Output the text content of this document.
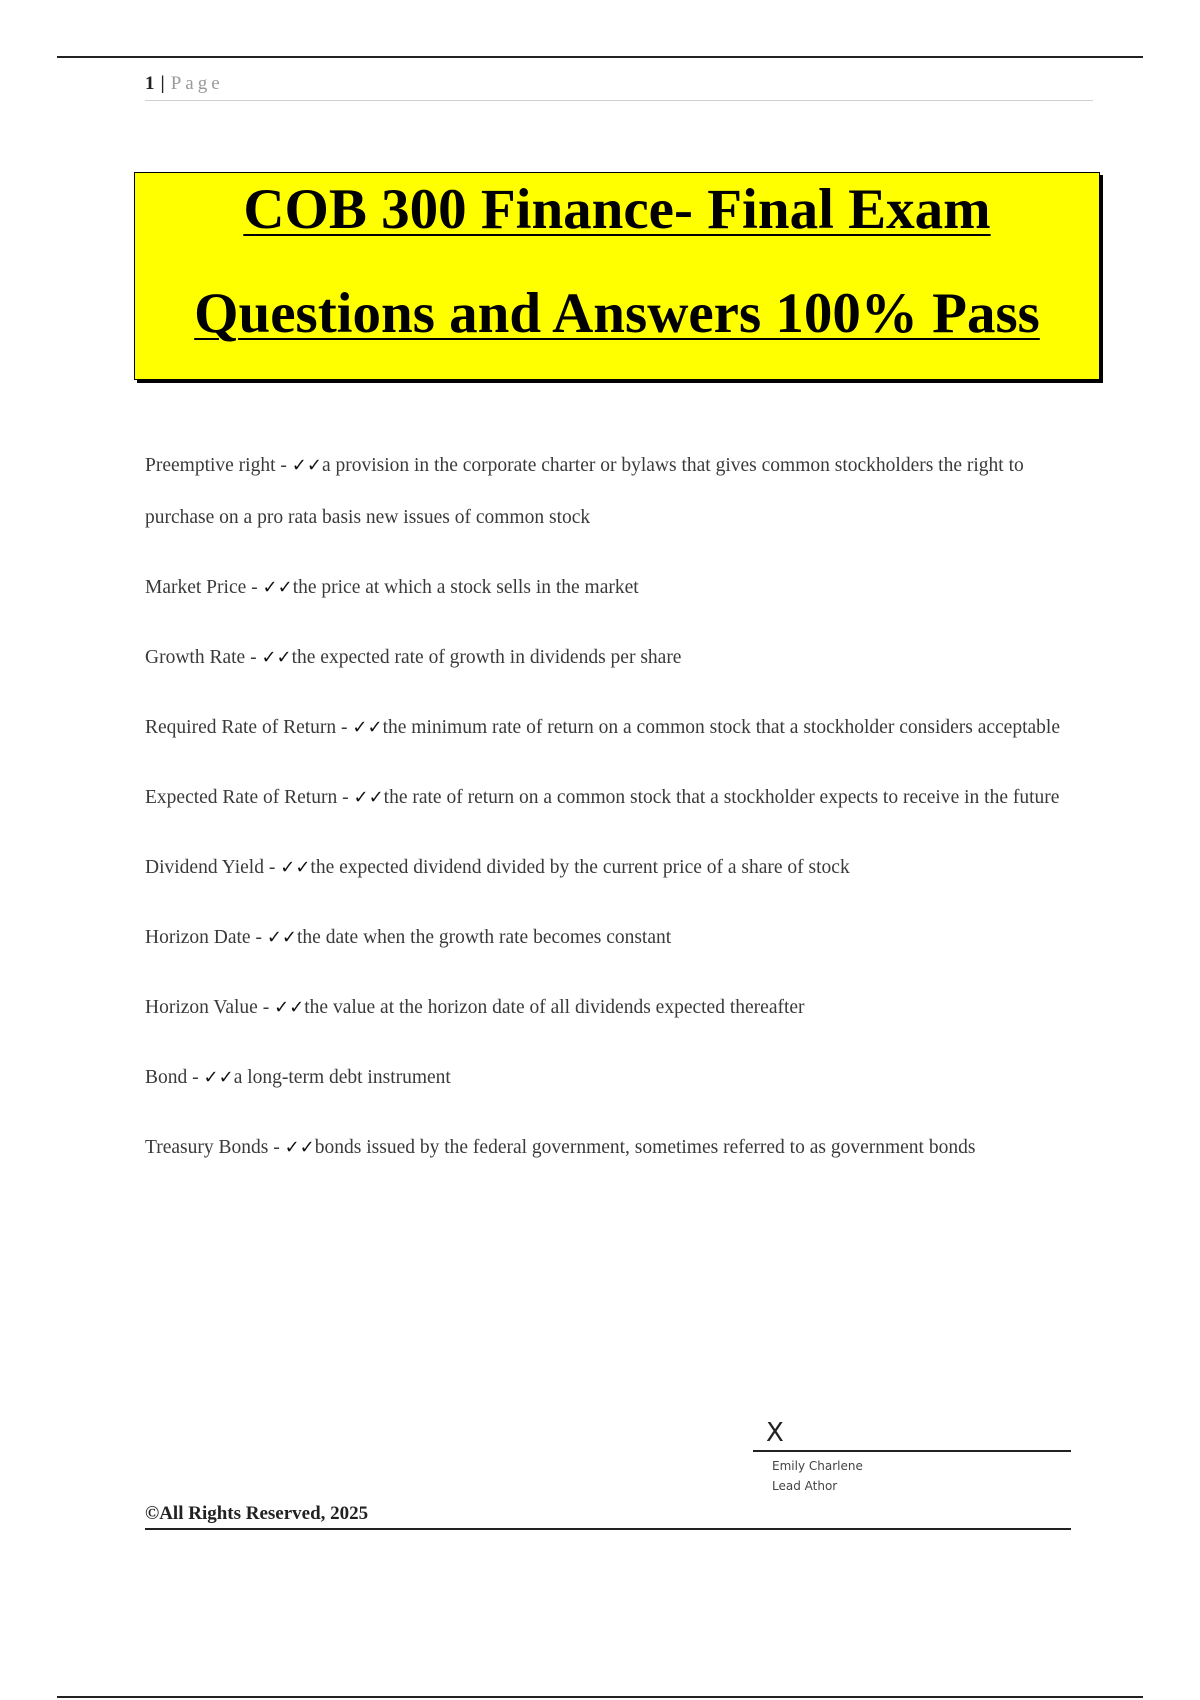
1 | Page
COB 300 Finance- Final Exam
Questions and Answers 100% Pass
Preemptive right - ✓✓a provision in the corporate charter or bylaws that gives common stockholders the right to purchase on a pro rata basis new issues of common stock
Market Price - ✓✓the price at which a stock sells in the market
Growth Rate - ✓✓the expected rate of growth in dividends per share
Required Rate of Return - ✓✓the minimum rate of return on a common stock that a stockholder considers acceptable
Expected Rate of Return - ✓✓the rate of return on a common stock that a stockholder expects to receive in the future
Dividend Yield - ✓✓the expected dividend divided by the current price of a share of stock
Horizon Date - ✓✓the date when the growth rate becomes constant
Horizon Value - ✓✓the value at the horizon date of all dividends expected thereafter
Bond - ✓✓a long-term debt instrument
Treasury Bonds - ✓✓bonds issued by the federal government, sometimes referred to as government bonds
X
Emily Charlene
Lead Athor
©All Rights Reserved, 2025
